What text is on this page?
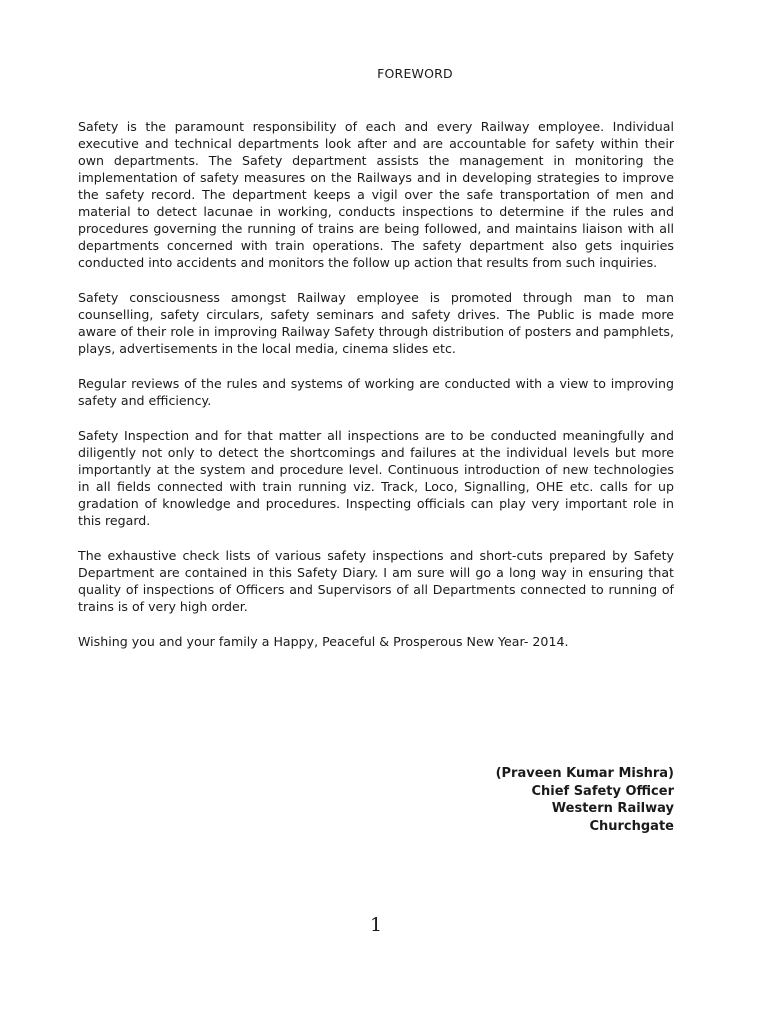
FOREWORD

Safety is the paramount responsibility of each and every Railway employee. Individual executive and technical departments look after and are accountable for safety within their own departments. The Safety department assists the management in monitoring the implementation of safety measures on the Railways and in developing strategies to improve the safety record. The department keeps a vigil over the safe transportation of men and material to detect lacunae in working, conducts inspections to determine if the rules and procedures governing the running of trains are being followed, and maintains liaison with all departments concerned with train operations. The safety department also gets inquiries conducted into accidents and monitors the follow up action that results from such inquiries.

Safety consciousness amongst Railway employee is promoted through man to man counselling, safety circulars, safety seminars and safety drives. The Public is made more aware of their role in improving Railway Safety through distribution of posters and pamphlets, plays, advertisements in the local media, cinema slides etc.

Regular reviews of the rules and systems of working are conducted with a view to improving safety and efficiency.

Safety Inspection and for that matter all inspections are to be conducted meaningfully and diligently not only to detect the shortcomings and failures at the individual levels but more importantly at the system and procedure level. Continuous introduction of new technologies in all fields connected with train running viz. Track, Loco, Signalling, OHE etc. calls for up gradation of knowledge and procedures. Inspecting officials can play very important role in this regard.

The exhaustive check lists of various safety inspections and short-cuts prepared by Safety Department are contained in this Safety Diary. I am sure will go a long way in ensuring that quality of inspections of Officers and Supervisors of all Departments connected to running of trains is of very high order.

Wishing you and your family a Happy, Peaceful & Prosperous New Year- 2014.

(Praveen Kumar Mishra)
Chief Safety Officer
Western Railway
Churchgate
1
